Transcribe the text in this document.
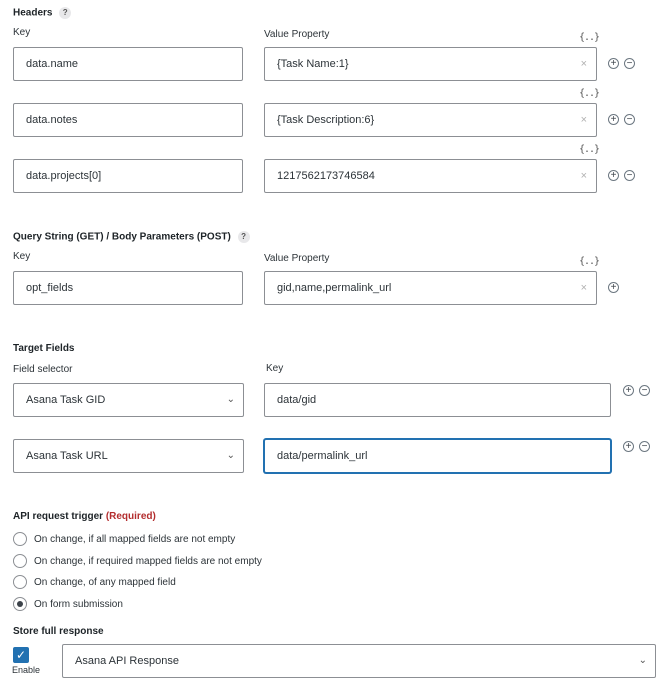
Headers ?
Key	Value Property	{..}
data.name	{Task Name:1}	× + −
{..}
data.notes	{Task Description:6}	× + −
{..}
data.projects[0]	1217562173746584	× + −
Query String (GET) / Body Parameters (POST) ?
Key	Value Property	{..}
opt_fields	gid,name,permalink_url	× +
Target Fields
Field selector	Key
Asana Task GID	⌄	data/gid
+ −
Asana Task URL	⌄	data/permalink_url
+ −
API request trigger (Required)
On change, if all mapped fields are not empty
On change, if required mapped fields are not empty
On change, of any mapped field
On form submission
Store full response
✓
Enable
Asana API Response	⌄
